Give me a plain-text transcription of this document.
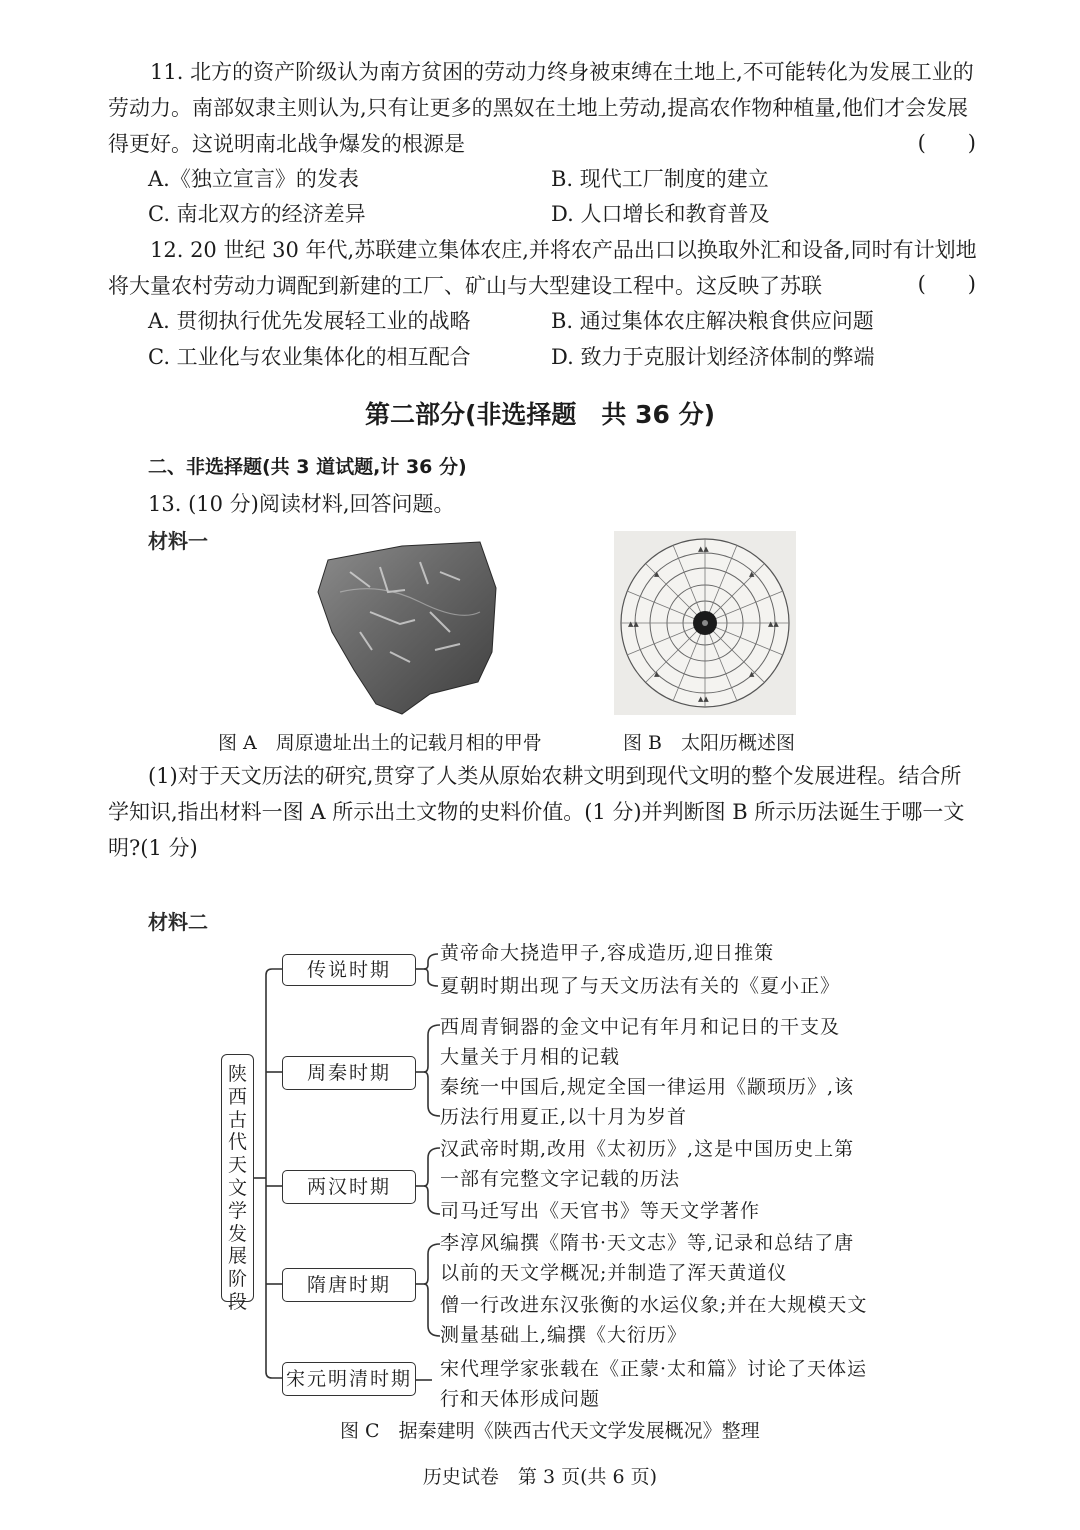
11. 北方的资产阶级认为南方贫困的劳动力终身被束缚在土地上,不可能转化为发展工业的劳动力。南部奴隶主则认为,只有让更多的黑奴在土地上劳动,提高农作物种植量,他们才会发展得更好。这说明南北战争爆发的根源是	(　　)
A.《独立宣言》的发表	B. 现代工厂制度的建立
C. 南北双方的经济差异	D. 人口增长和教育普及
12. 20 世纪 30 年代,苏联建立集体农庄,并将农产品出口以换取外汇和设备,同时有计划地将大量农村劳动力调配到新建的工厂、矿山与大型建设工程中。这反映了苏联	(　　)
A. 贯彻执行优先发展轻工业的战略	B. 通过集体农庄解决粮食供应问题
C. 工业化与农业集体化的相互配合	D. 致力于克服计划经济体制的弊端
第二部分(非选择题　共 36 分)
二、非选择题(共 3 道试题,计 36 分)
13. (10 分)阅读材料,回答问题。
材料一	▲▲
▲▲
▲▲	▲▲
▲	▲
▲	▲
图 A　周原遗址出土的记载月相的甲骨	图 B　太阳历概述图
(1)对于天文历法的研究,贯穿了人类从原始农耕文明到现代文明的整个发展进程。结合所学知识,指出材料一图 A 所示出土文物的史料价值。(1 分)并判断图 B 所示历法诞生于哪一文明?(1 分)
材料二
陕
西
古
代
天
文
学
发
展
阶
段
传说时期
周秦时期
两汉时期
隋唐时期
宋元明清时期
黄帝命大挠造甲子,容成造历,迎日推策
夏朝时期出现了与天文历法有关的《夏小正》
西周青铜器的金文中记有年月和记日的干支及大量关于月相的记载
秦统一中国后,规定全国一律运用《颛顼历》,该历法行用夏正,以十月为岁首
汉武帝时期,改用《太初历》,这是中国历史上第一部有完整文字记载的历法
司马迁写出《天官书》等天文学著作
李淳风编撰《隋书·天文志》等,记录和总结了唐以前的天文学概况;并制造了浑天黄道仪
僧一行改进东汉张衡的水运仪象;并在大规模天文测量基础上,编撰《大衍历》
宋代理学家张载在《正蒙·太和篇》讨论了天体运行和天体形成问题
图 C　据秦建明《陕西古代天文学发展概况》整理
历史试卷　第 3 页(共 6 页)
